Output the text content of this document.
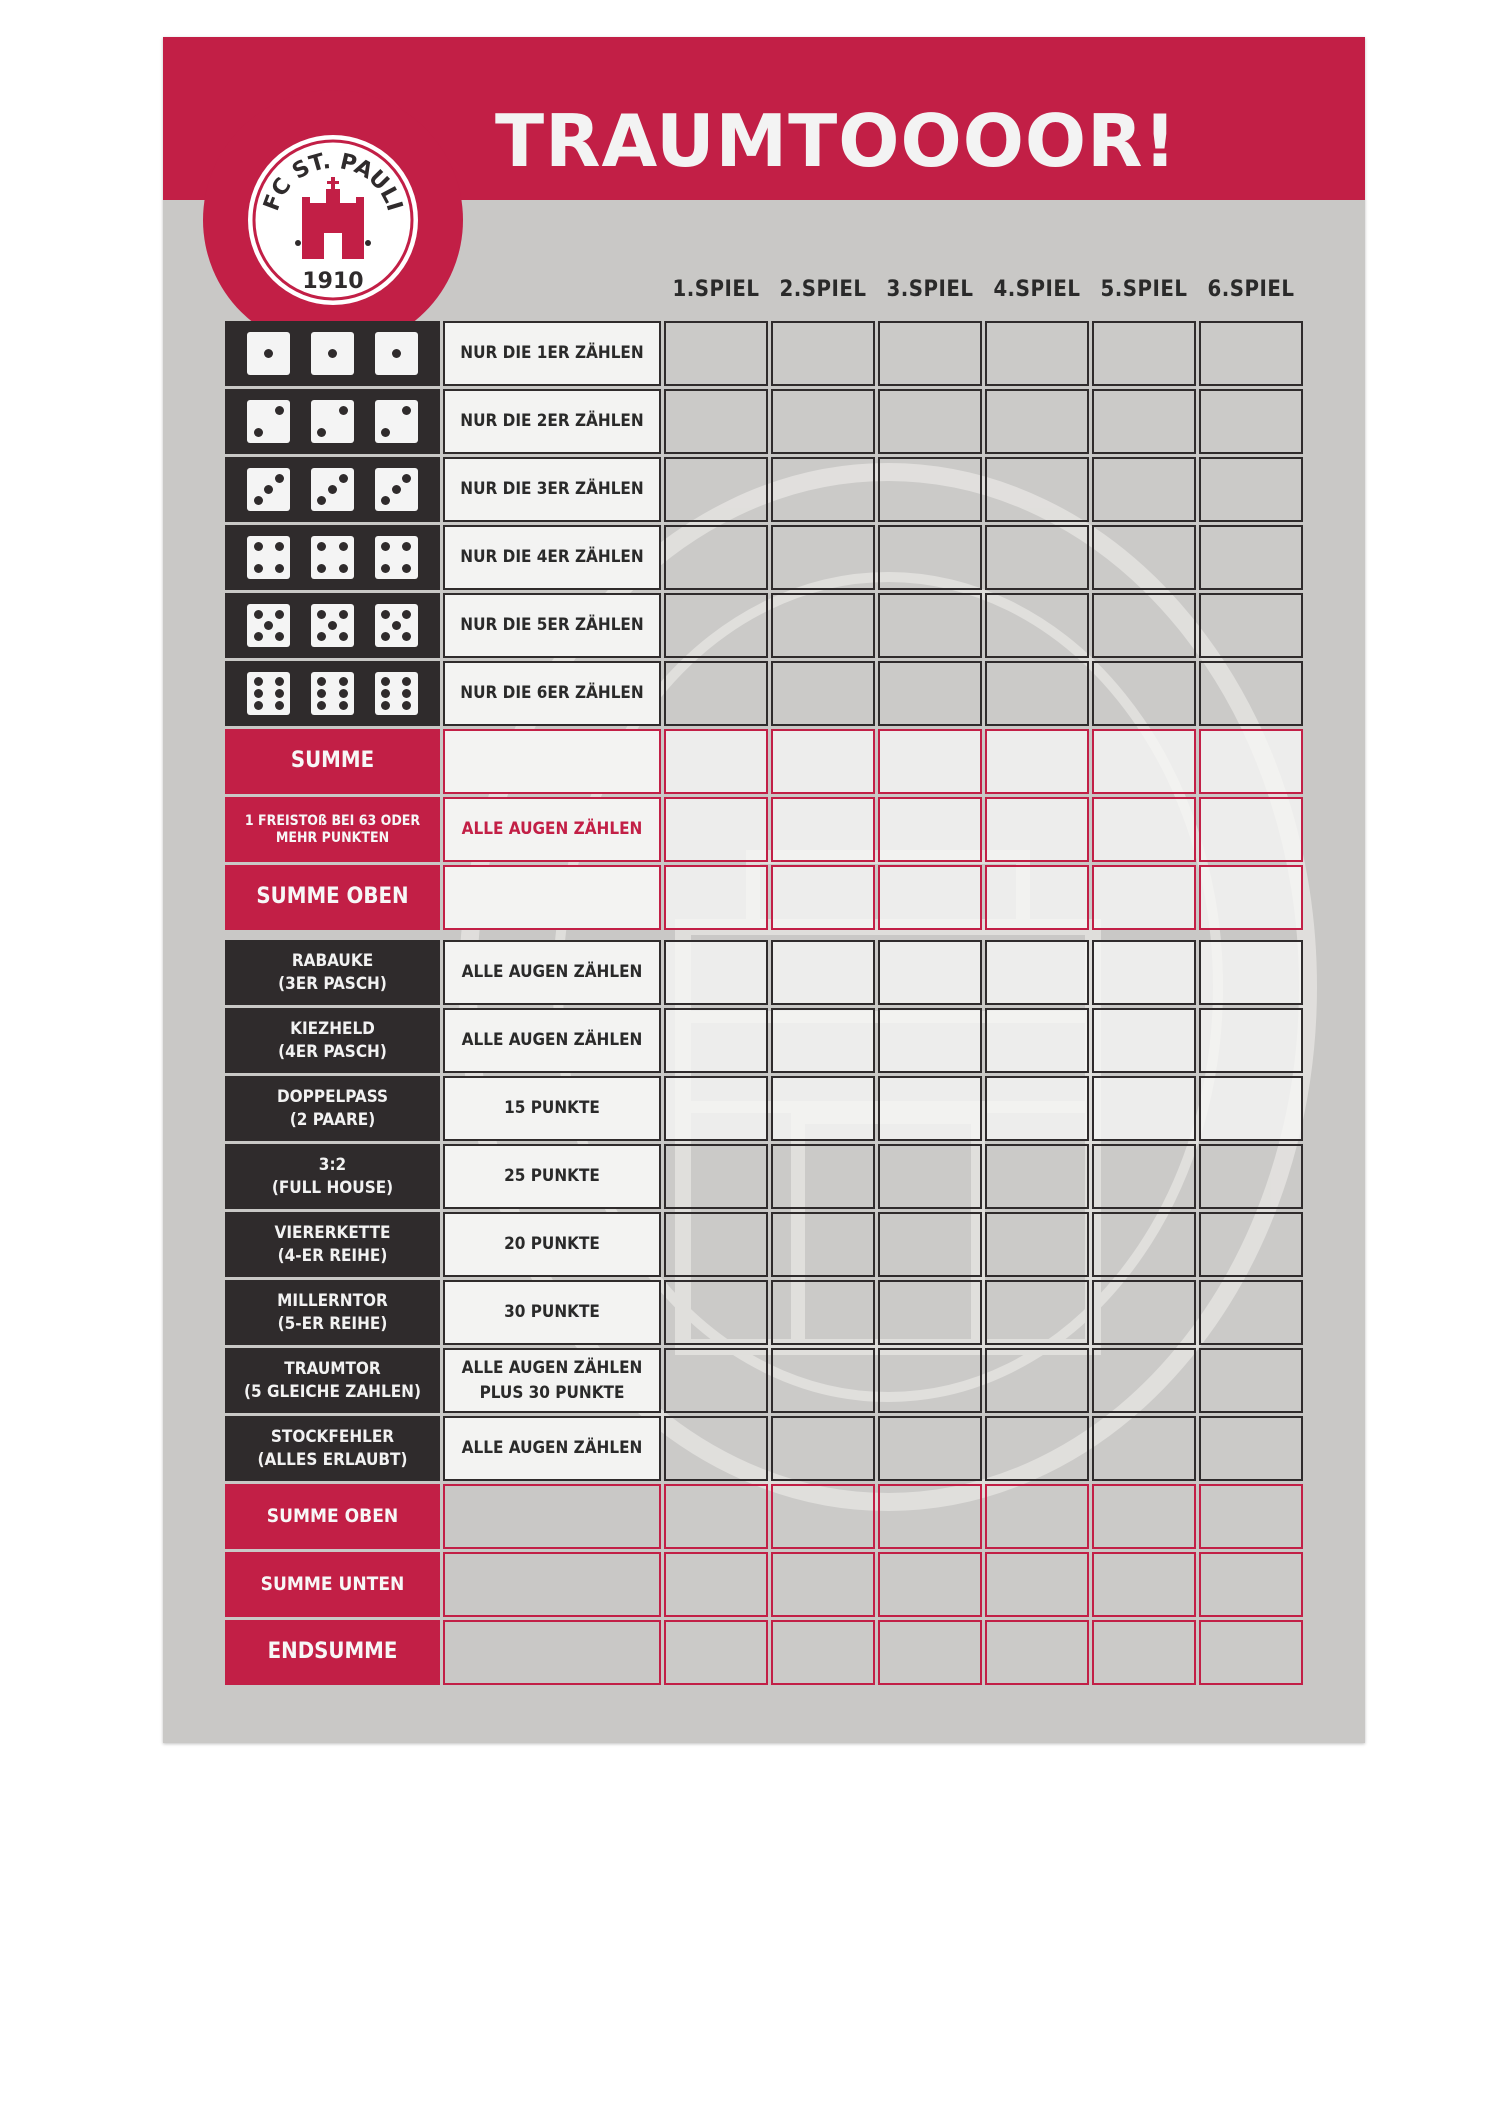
FC ST. PAULI
1910
TRAUMTOOOOR!
1.SPIEL 2.SPIEL 3.SPIEL 4.SPIEL 5.SPIEL 6.SPIEL
NUR DIE 1ER ZÄHLEN
NUR DIE 2ER ZÄHLEN
NUR DIE 3ER ZÄHLEN
NUR DIE 4ER ZÄHLEN
NUR DIE 5ER ZÄHLEN
NUR DIE 6ER ZÄHLEN
SUMME
1 FREISTOß BEI 63 ODER MEHR PUNKTEN	ALLE AUGEN ZÄHLEN
SUMME OBEN
RABAUKE
(3ER PASCH)
ALLE AUGEN ZÄHLEN
KIEZHELD
(4ER PASCH)
ALLE AUGEN ZÄHLEN
DOPPELPASS
(2 PAARE)
15 PUNKTE
3:2
(FULL HOUSE)
25 PUNKTE
VIERERKETTE
(4-ER REIHE)
20 PUNKTE
MILLERNTOR
(5-ER REIHE)
30 PUNKTE
TRAUMTOR
(5 GLEICHE ZAHLEN)
ALLE AUGEN ZÄHLEN
PLUS 30 PUNKTE
STOCKFEHLER
(ALLES ERLAUBT)
ALLE AUGEN ZÄHLEN
SUMME OBEN
SUMME UNTEN
ENDSUMME
